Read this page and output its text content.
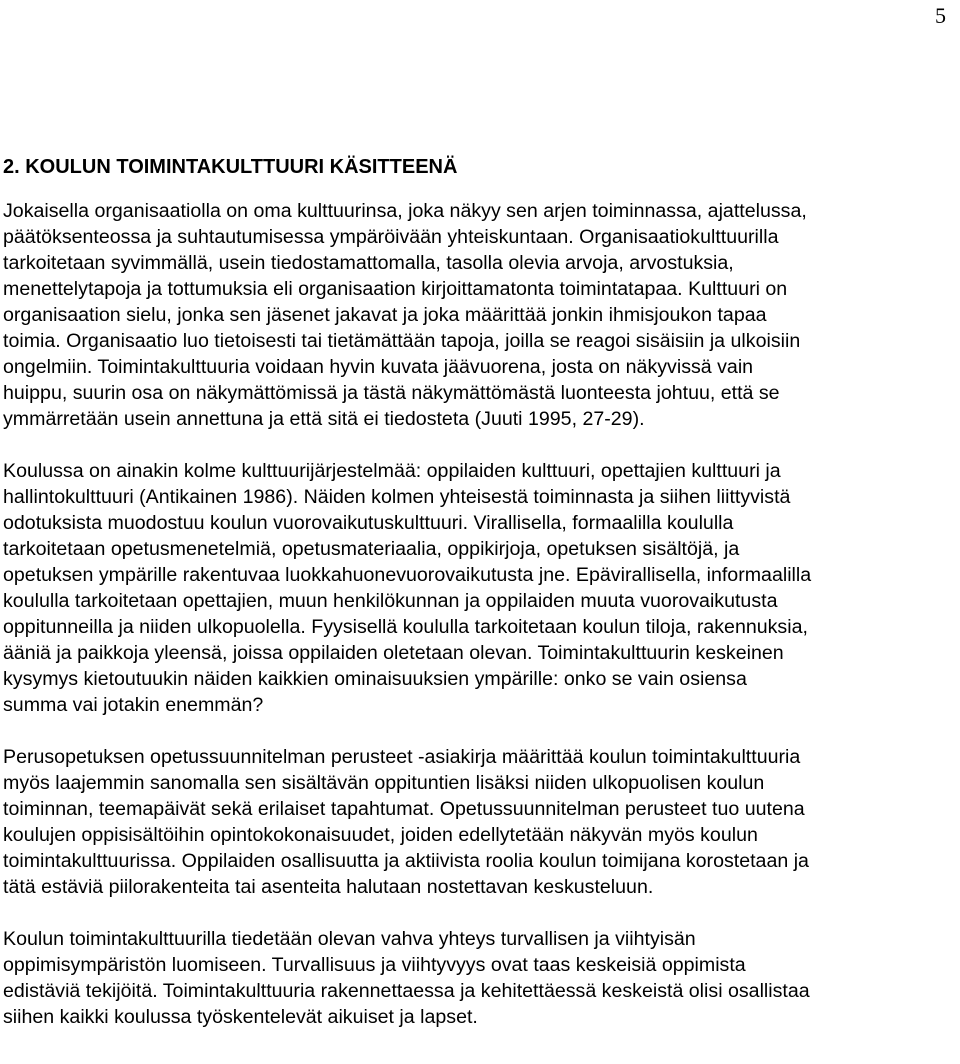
5
2. KOULUN TOIMINTAKULTTUURI KÄSITTEENÄ

Jokaisella organisaatiolla on oma kulttuurinsa, joka näkyy sen arjen toiminnassa, ajattelussa,
päätöksenteossa ja suhtautumisessa ympäröivään yhteiskuntaan. Organisaatiokulttuurilla
tarkoitetaan syvimmällä, usein tiedostamattomalla, tasolla olevia arvoja, arvostuksia,
menettelytapoja ja tottumuksia eli organisaation kirjoittamatonta toimintatapaa. Kulttuuri on
organisaation sielu, jonka sen jäsenet jakavat ja joka määrittää jonkin ihmisjoukon tapaa
toimia. Organisaatio luo tietoisesti tai tietämättään tapoja, joilla se reagoi sisäisiin ja ulkoisiin
ongelmiin. Toimintakulttuuria voidaan hyvin kuvata jäävuorena, josta on näkyvissä vain
huippu, suurin osa on näkymättömissä ja tästä näkymättömästä luonteesta johtuu, että se
ymmärretään usein annettuna ja että sitä ei tiedosteta (Juuti 1995, 27-29).

Koulussa on ainakin kolme kulttuurijärjestelmää: oppilaiden kulttuuri, opettajien kulttuuri ja
hallintokulttuuri (Antikainen 1986). Näiden kolmen yhteisestä toiminnasta ja siihen liittyvistä
odotuksista muodostuu koulun vuorovaikutuskulttuuri. Virallisella, formaalilla koululla
tarkoitetaan opetusmenetelmiä, opetusmateriaalia, oppikirjoja, opetuksen sisältöjä, ja
opetuksen ympärille rakentuvaa luokkahuonevuorovaikutusta jne. Epävirallisella, informaalilla
koululla tarkoitetaan opettajien, muun henkilökunnan ja oppilaiden muuta vuorovaikutusta
oppitunneilla ja niiden ulkopuolella. Fyysisellä koululla tarkoitetaan koulun tiloja, rakennuksia,
ääniä ja paikkoja yleensä, joissa oppilaiden oletetaan olevan. Toimintakulttuurin keskeinen
kysymys kietoutuukin näiden kaikkien ominaisuuksien ympärille: onko se vain osiensa
summa vai jotakin enemmän?

Perusopetuksen opetussuunnitelman perusteet -asiakirja määrittää koulun toimintakulttuuria
myös laajemmin sanomalla sen sisältävän oppituntien lisäksi niiden ulkopuolisen koulun
toiminnan, teemapäivät sekä erilaiset tapahtumat. Opetussuunnitelman perusteet tuo uutena
koulujen oppisisältöihin opintokokonaisuudet, joiden edellytetään näkyvän myös koulun
toimintakulttuurissa. Oppilaiden osallisuutta ja aktiivista roolia koulun toimijana korostetaan ja
tätä estäviä piilorakenteita tai asenteita halutaan nostettavan keskusteluun.

Koulun toimintakulttuurilla tiedetään olevan vahva yhteys turvallisen ja viihtyisän
oppimisympäristön luomiseen. Turvallisuus ja viihtyvyys ovat taas keskeisiä oppimista
edistäviä tekijöitä. Toimintakulttuuria rakennettaessa ja kehitettäessä keskeistä olisi osallistaa
siihen kaikki koulussa työskentelevät aikuiset ja lapset.
